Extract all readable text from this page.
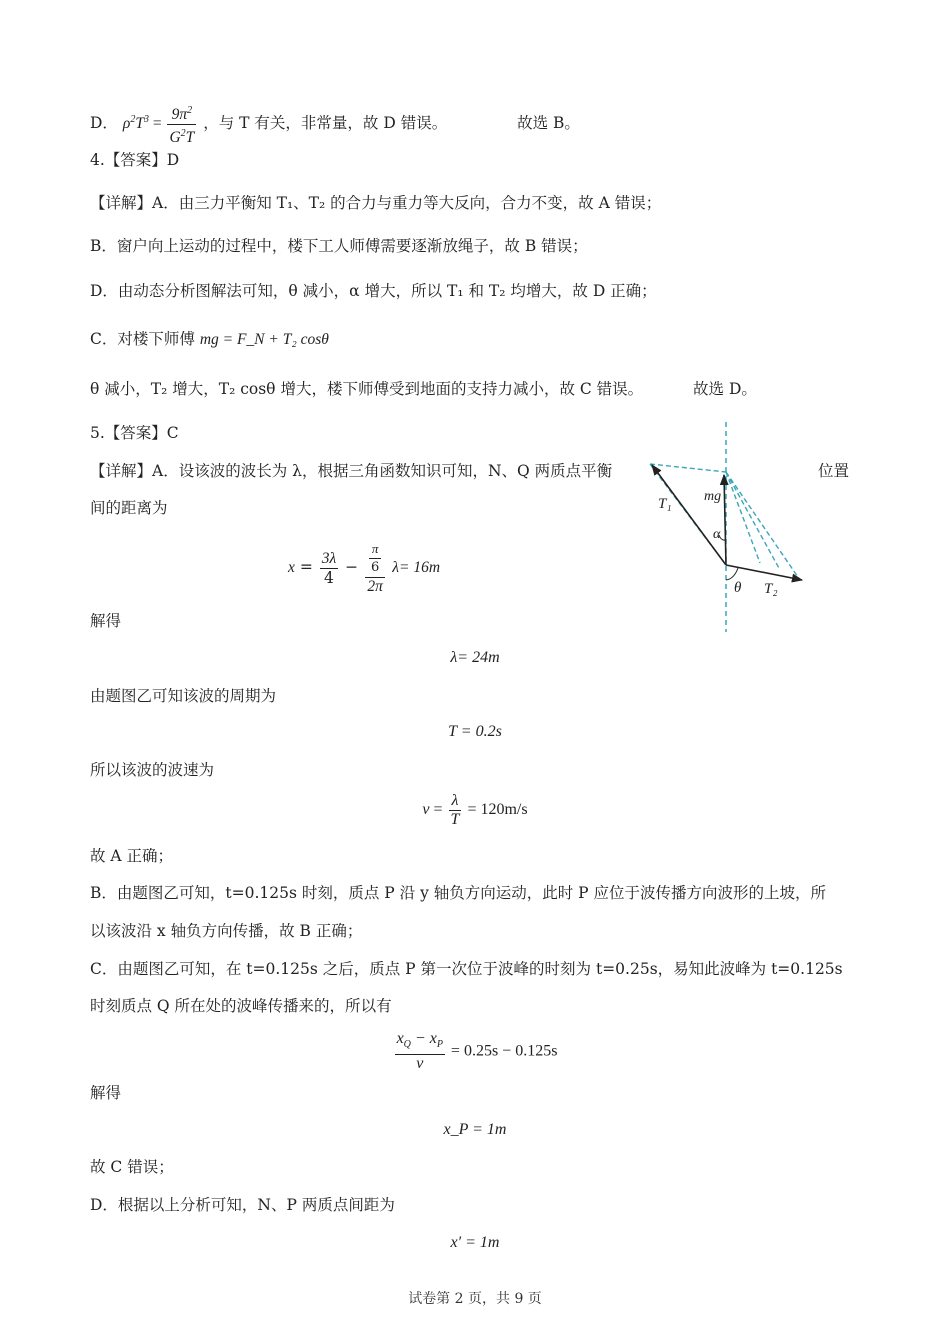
D． $\rho^2T^3 = \frac{9\pi^2}{G^2T}$ ，与 T 有关，非常量，故 D 错误。	故选 B。
4.【答案】D
【详解】A．由三力平衡知 T₁、T₂ 的合力与重力等大反向，合力不变，故 A 错误；
B．窗户向上运动的过程中，楼下工人师傅需要逐渐放绳子，故 B 错误；
D．由动态分析图解法可知，θ 减小，α 增大，所以 T₁ 和 T₂ 均增大，故 D 正确；
C．对楼下师傅 mg = F_N + T₂ cosθ
θ 减小，T₂ 增大，T₂ cosθ 增大，楼下师傅受到地面的支持力减小，故 C 错误。	故选 D。
5.【答案】C
【详解】A．设该波的波长为 λ，根据三角函数知识可知，N、Q 两质点平衡	位置
间的距离为
$x = \frac{3\lambda}{4} - \frac{\frac{\pi}{6}}{2\pi} \lambda= 16m$
解得
λ= 24m
由题图乙可知该波的周期为
T = 0.2s
所以该波的波速为
$v = \frac{\lambda}{T} = 120m/s$
故 A 正确；
B．由题图乙可知，t=0.125s 时刻，质点 P 沿 y 轴负方向运动，此时 P 应位于波传播方向波形的上坡，所
以该波沿 x 轴负方向传播，故 B 正确；
C．由题图乙可知，在 t=0.125s 之后，质点 P 第一次位于波峰的时刻为 t=0.25s，易知此波峰为 t=0.125s
时刻质点 Q 所在处的波峰传播来的，所以有
$\frac{x_Q - x_P}{v} = 0.25s - 0.125s$
解得
x_P = 1m
故 C 错误；
D．根据以上分析可知，N、P 两质点间距为
x′ = 1m
T₁ mg
α
θ T₂
试卷第 2 页，共 9 页
